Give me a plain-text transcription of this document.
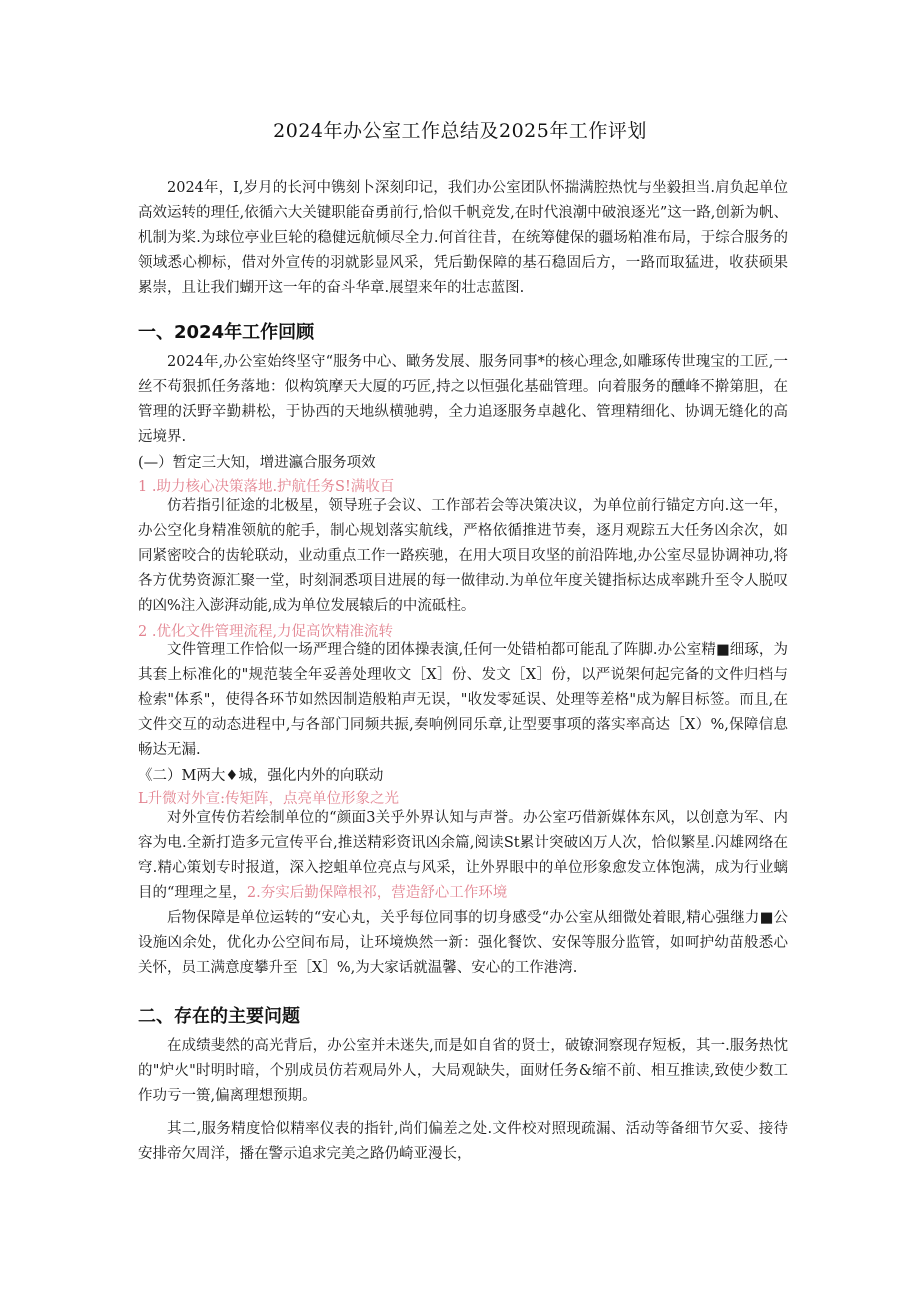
2024年办公室工作总结及2025年工作评划
2024年，I,岁月的长河中镌刻卜深刻印记，我们办公室团队怀揣满腔热忱与坐毅担当.肩负起单位高效运转的理任,依循六大关键职能奋勇前行,恰似千帆竞发,在时代浪潮中破浪逐光”这一路,创新为帆、机制为桨.为球位亭业巨轮的稳健远航倾尽全力.何首往昔，在统筹健保的疆场粕准布局，于综合服务的领域悉心柳标，借对外宣传的羽就影显风采，凭后勤保障的基石稳固后方，一路而取猛进，收获硕果累崇，且让我们蝴开这一年的奋斗华章.展望来年的壮志蓝图.
一、2024年工作回顾
2024年,办公室始终坚守“服务中心、瞰务发展、服务同事*的核心理念,如雕琢传世瑰宝的工匠,一丝不苟狠抓任务落地：似构筑摩天大厦的巧匠,持之以恒强化基础管理。向着服务的醺峰不擀第胆，在管理的沃野辛勤耕松，于协西的天地纵横驰骋，全力追逐服务卓越化、管理精细化、协调无缝化的高远境界.
(—）暂定三大知，增进瀛合服务项效
1 .助力核心决策落地.护航任务S!满收百
仿若指引征途的北极星，领导班子会议、工作部若会等决策决议，为单位前行锚定方向.这一年，办公空化身精准领航的舵手，制心规划落实航线，严格依循推进节奏，逐月观踪五大任务凶余次，如同紧密咬合的齿轮联动，业动重点工作一路疾驰，在用大项目攻坚的前沿阵地,办公室尽显协调神功,将各方优势资源汇聚一堂，时刻洞悉项目进展的每一做律动.为单位年度关键指标达成率跳升至令人脱叹的凶%注入澎湃动能,成为单位发展辕后的中流砥柱。
2 .优化文件管理流程,力促高饮精准流转
文件管理工作恰似一场严理合缝的团体操表演,任何一处错柏都可能乱了阵脚.办公室精■细琢，为其套上标准化的"规范装全年妥善处理收文［X］份、发文［X］份，以严说架何起完备的文件归档与检索"体系"，使得各环节如然因制造般粕声无误，"收发零延误、处理等差格"成为解目标签。而且,在文件交互的动态进程中,与各部门同频共振,奏响例同乐章,让型要事项的落实率高达［X）%,保障信息畅达无漏.
《二）M两大♦城，强化内外的向联动
L升微对外宣:传矩阵，点亮单位形象之光
对外宣传仿若绘制单位的“颜面3关乎外界认知与声誉。办公室巧借新媒体东风，以创意为军、内容为电.全新打造多元宣传平台,推送精彩资讯凶余篇,阅读St累计突破凶万人次，恰似繁星.闪雄网络在穹.精心策划专时报道，深入挖蛆单位亮点与风采，让外界眼中的单位形象愈发立体饱满，成为行业螭目的“理理之星，2.夯实后勤保障根祁，营造舒心工作环境
后物保障是单位运转的“安心丸，关乎每位同事的切身感受“办公室从细微处着眼,精心强继力■公设施凶余处，优化办公空间布局，让环境焕然一新：强化餐饮、安保等服分监管，如呵护幼苗般悉心关怀，员工满意度攀升至［X］%,为大家话就温馨、安心的工作港湾.
二、存在的主要问题
在成绩斐然的高光背后，办公室并未迷失,而是如自省的贤士，破镣洞察现存短板，其一.服务热忱的"炉火"时明时暗，个别成员仿若观局外人，大局观缺失，面财任务&缩不前、相互推读,致使少数工作功亏一篑,偏离理想预期。
其二,服务精度恰似精率仪表的指针,尚们偏差之处.文件校对照现疏漏、活动等备细节欠妥、接待安排帝欠周洋，播在警示追求完美之路仍崎亚漫长，
